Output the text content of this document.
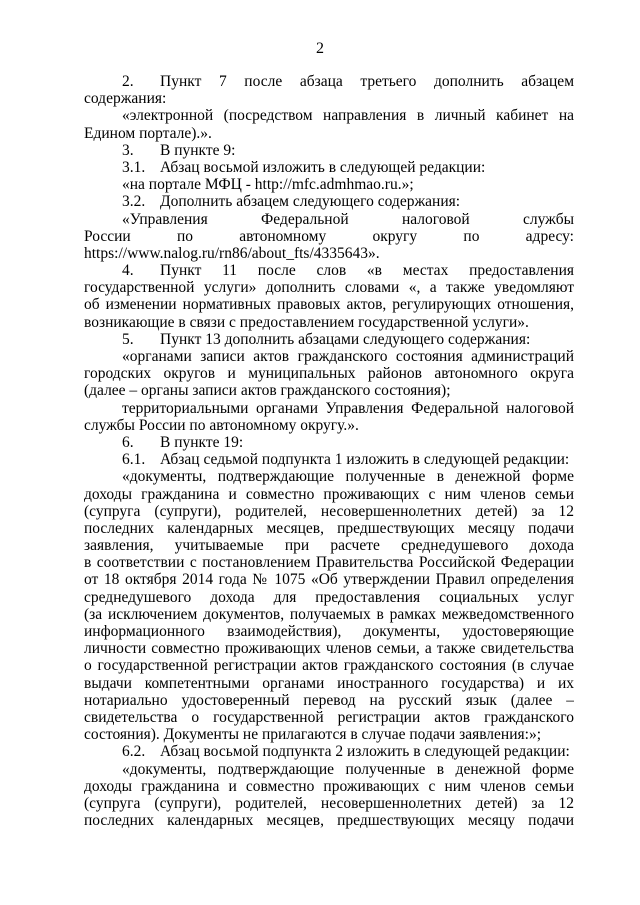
2
2. Пункт 7 после абзаца третьего дополнить абзацем
содержания:
«электронной (посредством направления в личный кабинет на
Едином портале).».
3. В пункте 9:
3.1. Абзац восьмой изложить в следующей редакции:
«на портале МФЦ - http://mfc.admhmao.ru.»;
3.2. Дополнить абзацем следующего содержания:
«Управления Федеральной налоговой службы
России по автономному округу по адресу:
https://www.nalog.ru/rn86/about_fts/4335643».
4. Пункт 11 после слов «в местах предоставления
государственной услуги» дополнить словами «, а также уведомляют
об изменении нормативных правовых актов, регулирующих отношения,
возникающие в связи с предоставлением государственной услуги».
5. Пункт 13 дополнить абзацами следующего содержания:
«органами записи актов гражданского состояния администраций
городских округов и муниципальных районов автономного округа
(далее – органы записи актов гражданского состояния);
территориальными органами Управления Федеральной налоговой
службы России по автономному округу.».
6. В пункте 19:
6.1. Абзац седьмой подпункта 1 изложить в следующей редакции:
«документы, подтверждающие полученные в денежной форме
доходы гражданина и совместно проживающих с ним членов семьи
(супруга (супруги), родителей, несовершеннолетних детей) за 12
последних календарных месяцев, предшествующих месяцу подачи
заявления, учитываемые при расчете среднедушевого дохода
в соответствии с постановлением Правительства Российской Федерации
от 18 октября 2014 года № 1075 «Об утверждении Правил определения
среднедушевого дохода для предоставления социальных услуг
(за исключением документов, получаемых в рамках межведомственного
информационного взаимодействия), документы, удостоверяющие
личности совместно проживающих членов семьи, а также свидетельства
о государственной регистрации актов гражданского состояния (в случае
выдачи компетентными органами иностранного государства) и их
нотариально удостоверенный перевод на русский язык (далее –
свидетельства о государственной регистрации актов гражданского
состояния). Документы не прилагаются в случае подачи заявления:»;
6.2. Абзац восьмой подпункта 2 изложить в следующей редакции:
«документы, подтверждающие полученные в денежной форме
доходы гражданина и совместно проживающих с ним членов семьи
(супруга (супруги), родителей, несовершеннолетних детей) за 12
последних календарных месяцев, предшествующих месяцу подачи
